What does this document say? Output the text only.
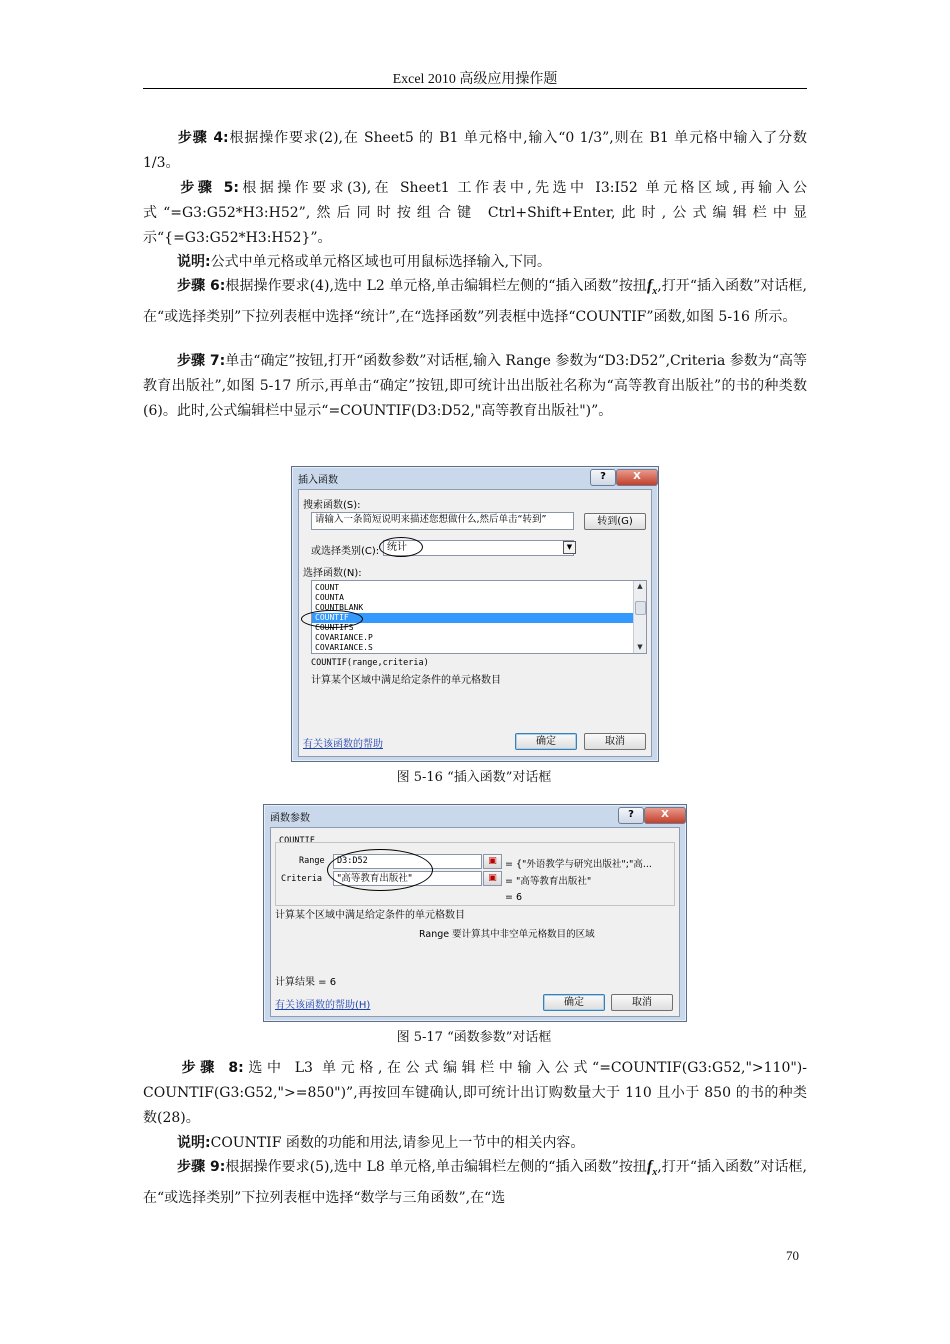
Excel 2010 高级应用操作题
步骤 4:根据操作要求(2),在 Sheet5 的 B1 单元格中,输入“0 1/3”,则在 B1 单元格中输入了分数 1/3。
步骤 5:根据操作要求(3),在 Sheet1 工作表中,先选中 I3:I52 单元格区域,再输入公式“=G3:G52*H3:H52”,然后同时按组合键 Ctrl+Shift+Enter,此时,公式编辑栏中显示“{=G3:G52*H3:H52}”。
说明:公式中单元格或单元格区域也可用鼠标选择输入,下同。
步骤 6:根据操作要求(4),选中 L2 单元格,单击编辑栏左侧的“插入函数”按扭$f_x$,打开“插入函数”对话框,在“或选择类别”下拉列表框中选择“统计”,在“选择函数”列表框中选择“COUNTIF”函数,如图 5-16 所示。
步骤 7:单击“确定”按钮,打开“函数参数”对话框,输入 Range 参数为“D3:D52”,Criteria 参数为“高等教育出版社”,如图 5-17 所示,再单击“确定”按钮,即可统计出出版社名称为“高等教育出版社”的书的种类数(6)。此时,公式编辑栏中显示“=COUNTIF(D3:D52,"高等教育出版社")”。
插入函数	?	X
搜索函数(S):
请输入一条简短说明来描述您想做什么,然后单击“转到”	转到(G)
或选择类别(C): 统计	▼
选择函数(N):
COUNT
COUNTA
COUNTBLANK
COUNTIF
COUNTIFS
COVARIANCE.P
COVARIANCE.S
▲
▼
COUNTIF(range,criteria)
计算某个区域中满足给定条件的单元格数目
有关该函数的帮助	确定	取消
图 5-16 “插入函数”对话框
函数参数	?	X
COUNTIF
Range	D3:D52	▣ = {"外语教学与研究出版社";"高...
Criteria	"高等教育出版社"	▣ = "高等教育出版社"
= 6
计算某个区域中满足给定条件的单元格数目
Range 要计算其中非空单元格数目的区域
计算结果 = 6
有关该函数的帮助(H)	确定	取消
图 5-17 “函数参数”对话框
步骤 8:选中 L3 单元格,在公式编辑栏中输入公式“=COUNTIF(G3:G52,">110")-COUNTIF(G3:G52,">=850")”,再按回车键确认,即可统计出订购数量大于 110 且小于 850 的书的种类数(28)。
说明:COUNTIF 函数的功能和用法,请参见上一节中的相关内容。
步骤 9:根据操作要求(5),选中 L8 单元格,单击编辑栏左侧的“插入函数”按扭$f_x$,打开“插入函数”对话框,在“或选择类别”下拉列表框中选择“数学与三角函数”,在“选
70
